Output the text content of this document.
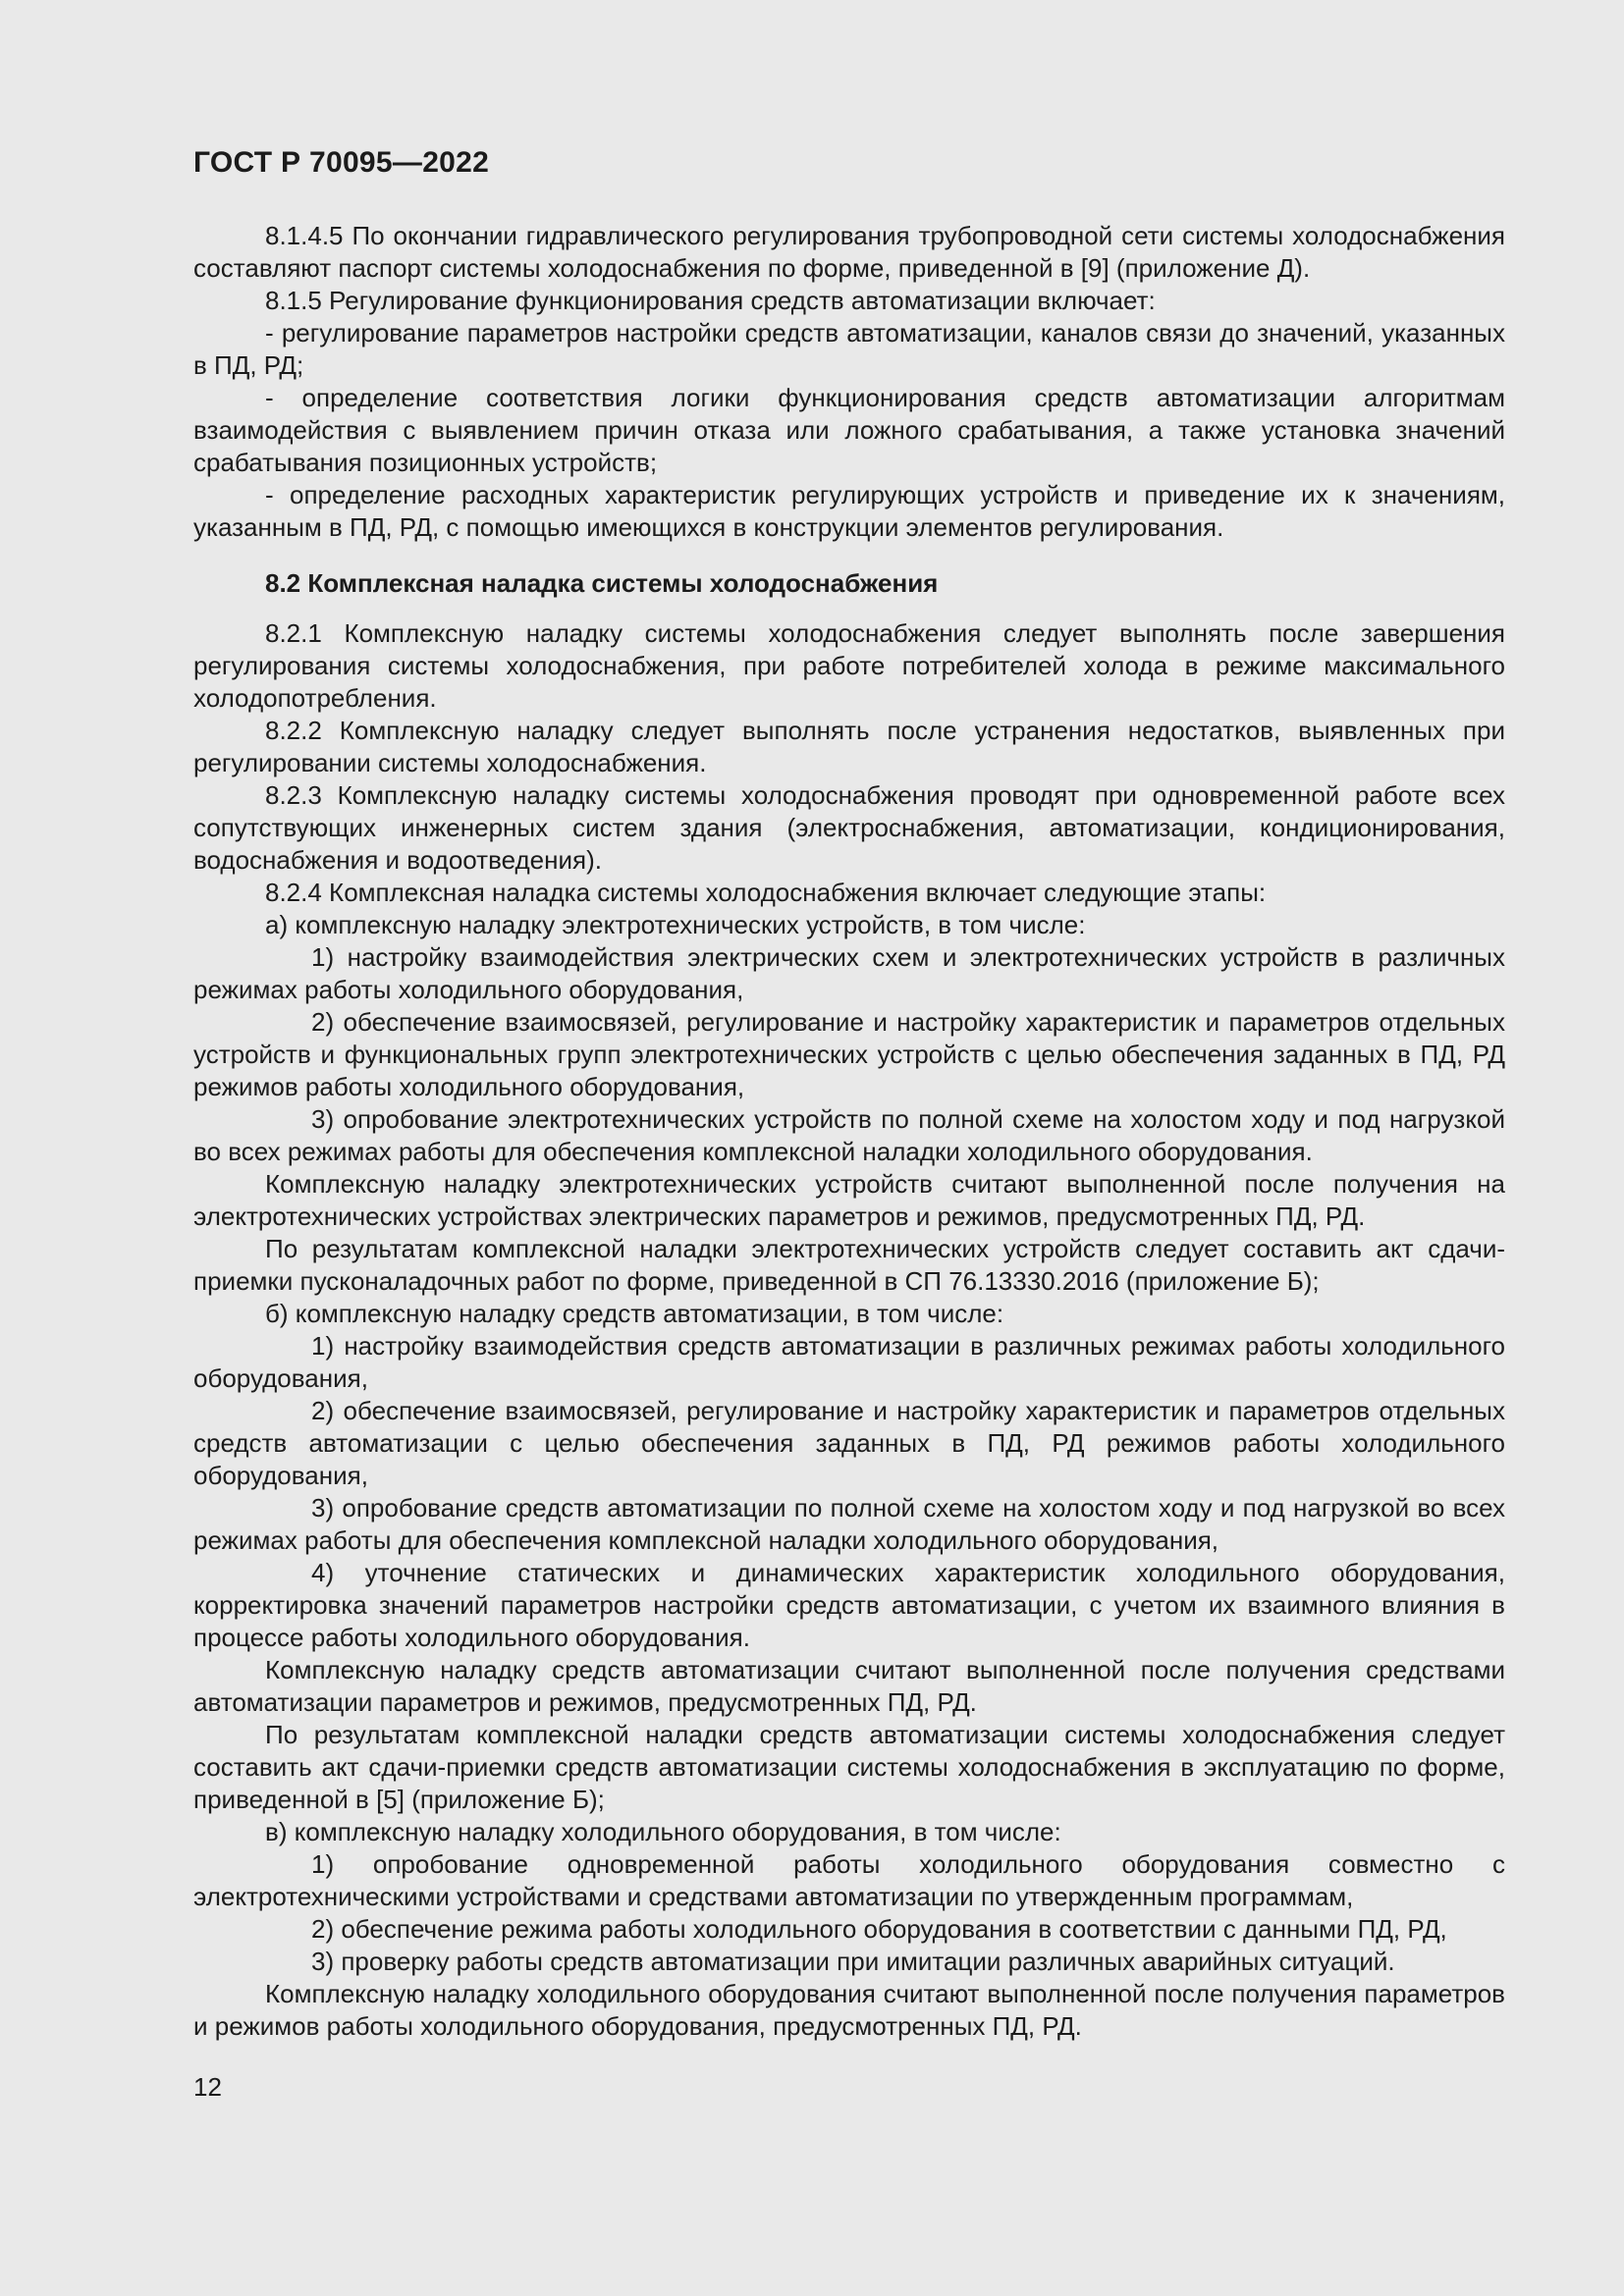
ГОСТ Р 70095—2022

8.1.4.5 По окончании гидравлического регулирования трубопроводной сети системы холодоснабжения составляют паспорт системы холодоснабжения по форме, приведенной в [9] (приложение Д).

8.1.5 Регулирование функционирования средств автоматизации включает:

- регулирование параметров настройки средств автоматизации, каналов связи до значений, указанных в ПД, РД;

- определение соответствия логики функционирования средств автоматизации алгоритмам взаимодействия с выявлением причин отказа или ложного срабатывания, а также установка значений срабатывания позиционных устройств;

- определение расходных характеристик регулирующих устройств и приведение их к значениям, указанным в ПД, РД, с помощью имеющихся в конструкции элементов регулирования.

8.2 Комплексная наладка системы холодоснабжения

8.2.1 Комплексную наладку системы холодоснабжения следует выполнять после завершения регулирования системы холодоснабжения, при работе потребителей холода в режиме максимального холодопотребления.

8.2.2 Комплексную наладку следует выполнять после устранения недостатков, выявленных при регулировании системы холодоснабжения.

8.2.3 Комплексную наладку системы холодоснабжения проводят при одновременной работе всех сопутствующих инженерных систем здания (электроснабжения, автоматизации, кондиционирования, водоснабжения и водоотведения).

8.2.4 Комплексная наладка системы холодоснабжения включает следующие этапы:

а) комплексную наладку электротехнических устройств, в том числе:

1) настройку взаимодействия электрических схем и электротехнических устройств в различных режимах работы холодильного оборудования,

2) обеспечение взаимосвязей, регулирование и настройку характеристик и параметров отдельных устройств и функциональных групп электротехнических устройств с целью обеспечения заданных в ПД, РД режимов работы холодильного оборудования,

3) опробование электротехнических устройств по полной схеме на холостом ходу и под нагрузкой во всех режимах работы для обеспечения комплексной наладки холодильного оборудования.

Комплексную наладку электротехнических устройств считают выполненной после получения на электротехнических устройствах электрических параметров и режимов, предусмотренных ПД, РД.

По результатам комплексной наладки электротехнических устройств следует составить акт сдачи-приемки пусконаладочных работ по форме, приведенной в СП 76.13330.2016 (приложение Б);

б) комплексную наладку средств автоматизации, в том числе:

1) настройку взаимодействия средств автоматизации в различных режимах работы холодильного оборудования,

2) обеспечение взаимосвязей, регулирование и настройку характеристик и параметров отдельных средств автоматизации с целью обеспечения заданных в ПД, РД режимов работы холодильного оборудования,

3) опробование средств автоматизации по полной схеме на холостом ходу и под нагрузкой во всех режимах работы для обеспечения комплексной наладки холодильного оборудования,

4) уточнение статических и динамических характеристик холодильного оборудования, корректировка значений параметров настройки средств автоматизации, с учетом их взаимного влияния в процессе работы холодильного оборудования.

Комплексную наладку средств автоматизации считают выполненной после получения средствами автоматизации параметров и режимов, предусмотренных ПД, РД.

По результатам комплексной наладки средств автоматизации системы холодоснабжения следует составить акт сдачи-приемки средств автоматизации системы холодоснабжения в эксплуатацию по форме, приведенной в [5] (приложение Б);

в) комплексную наладку холодильного оборудования, в том числе:

1) опробование одновременной работы холодильного оборудования совместно с электротехническими устройствами и средствами автоматизации по утвержденным программам,

2) обеспечение режима работы холодильного оборудования в соответствии с данными ПД, РД,

3) проверку работы средств автоматизации при имитации различных аварийных ситуаций.

Комплексную наладку холодильного оборудования считают выполненной после получения параметров и режимов работы холодильного оборудования, предусмотренных ПД, РД.

12
